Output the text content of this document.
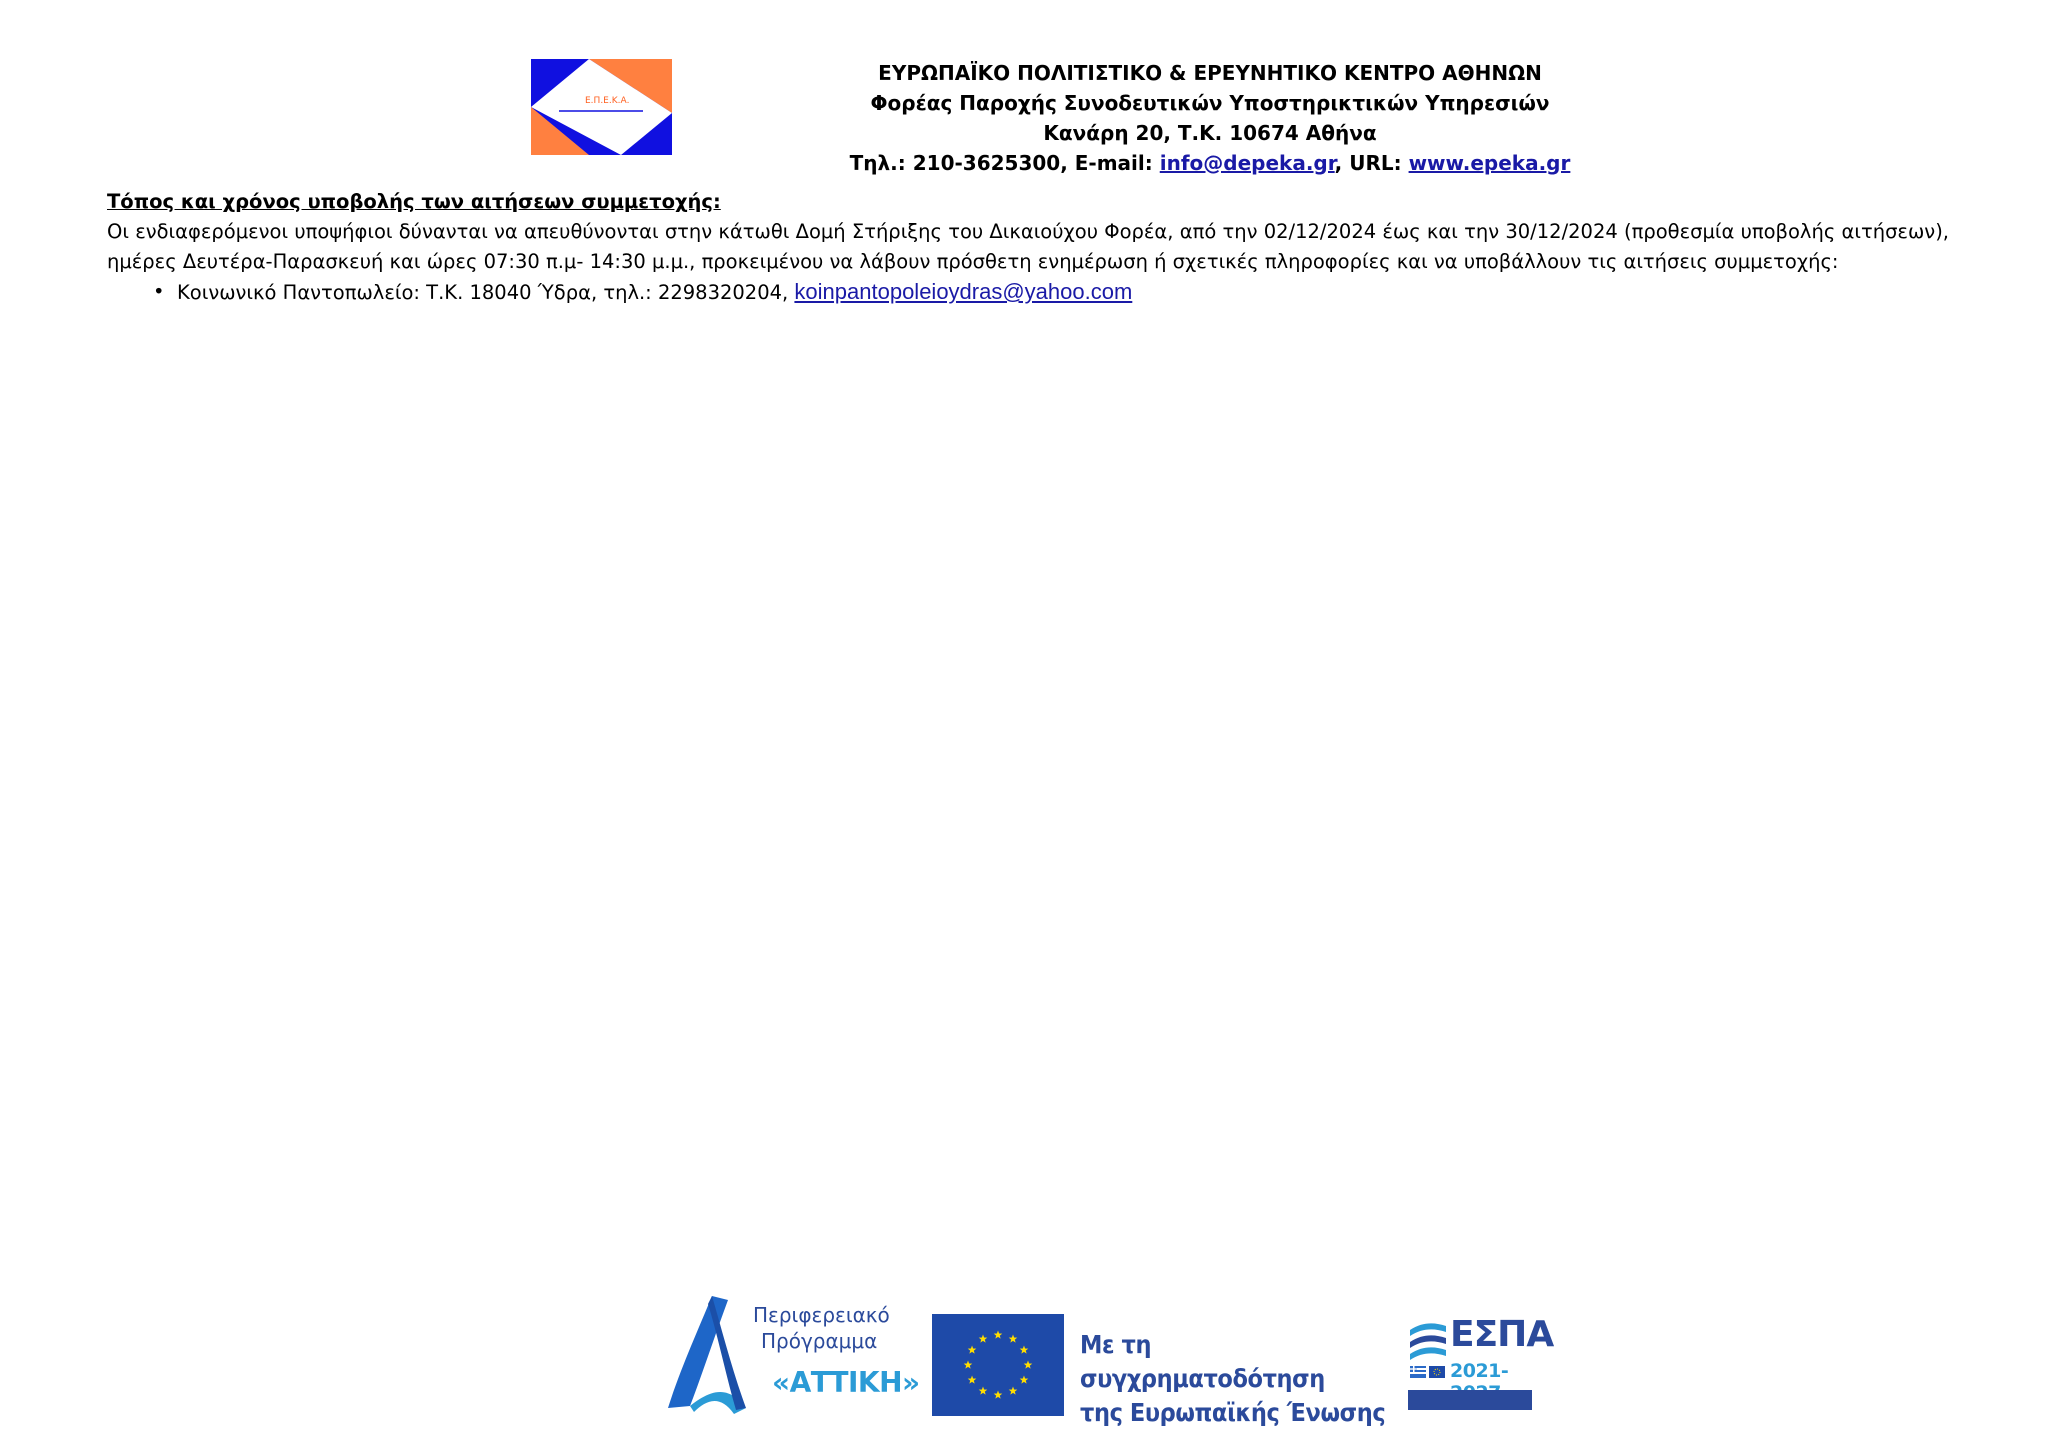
Ε.Π.Ε.Κ.Α.
ΕΥΡΩΠΑΪΚΟ ΠΟΛΙΤΙΣΤΙΚΟ & ΕΡΕΥΝΗΤΙΚΟ ΚΕΝΤΡΟ ΑΘΗΝΩΝ
Φορέας Παροχής Συνοδευτικών Υποστηρικτικών Υπηρεσιών
Κανάρη 20, Τ.Κ. 10674 Αθήνα
Τηλ.: 210-3625300, E-mail: info@depeka.gr, URL: www.epeka.gr

Τόπος και χρόνος υποβολής των αιτήσεων συμμετοχής:

Οι ενδιαφερόμενοι υποψήφιοι δύνανται να απευθύνονται στην κάτωθι Δομή Στήριξης του Δικαιούχου Φορέα, από την 02/12/2024 έως και την 30/12/2024 (προθεσμία υποβολής αιτήσεων), ημέρες Δευτέρα-Παρασκευή και ώρες 07:30 π.μ- 14:30 μ.μ., προκειμένου να λάβουν πρόσθετη ενημέρωση ή σχετικές πληροφορίες και να υποβάλλουν τις αιτήσεις συμμετοχής:

• Κοινωνικό Παντοπωλείο: Τ.Κ. 18040 Ύδρα, τηλ.: 2298320204, koinpantopoleioydras@yahoo.com
Περιφερειακό
Πρόγραμμα
«ΑΤΤΙΚΗ»
Με τη συγχρηματοδότηση
της Ευρωπαϊκής Ένωσης
ΕΣΠΑ
2021-
